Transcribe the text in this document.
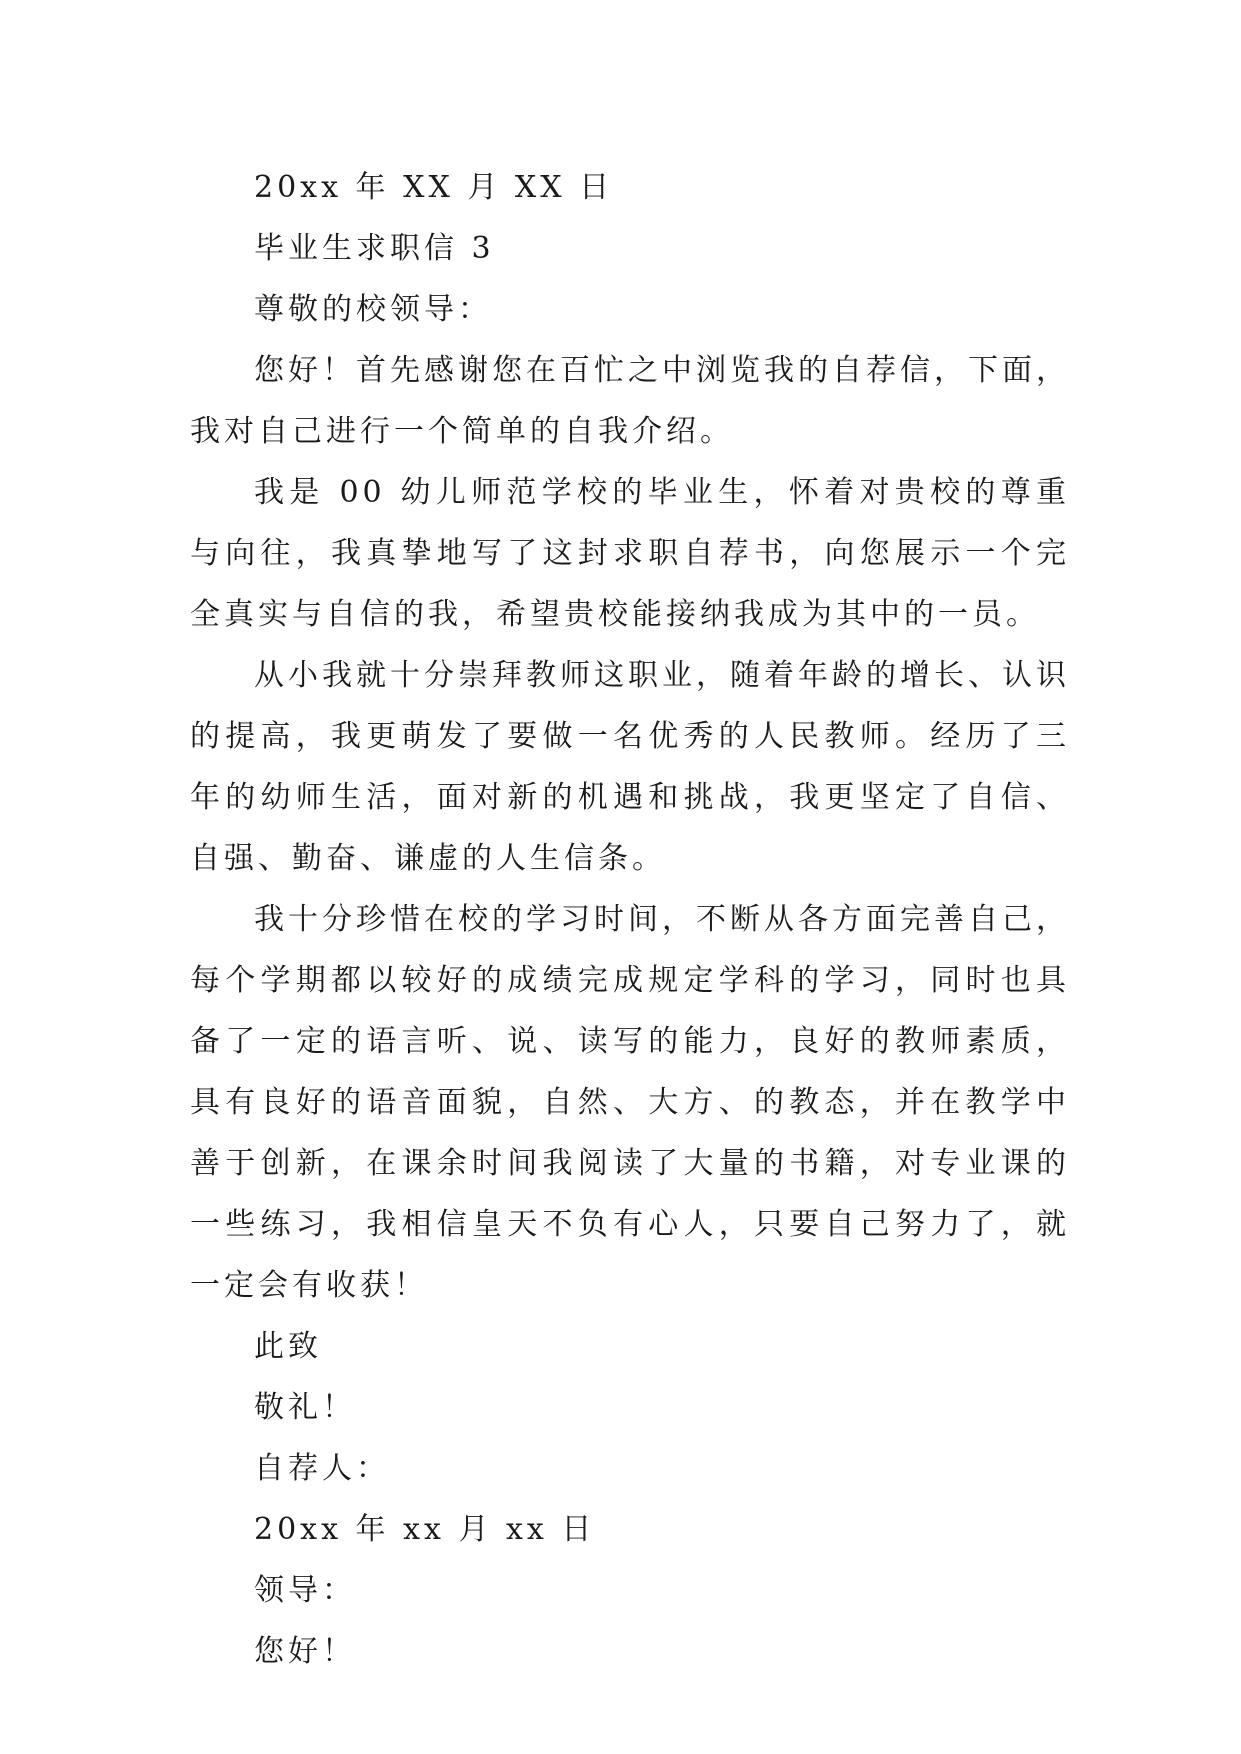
20xx 年 XX 月 XX 日
毕业生求职信 3
尊敬的校领导：
您好！首先感谢您在百忙之中浏览我的自荐信，下面，我对自己进行一个简单的自我介绍。
我是 00 幼儿师范学校的毕业生，怀着对贵校的尊重与向往，我真挚地写了这封求职自荐书，向您展示一个完全真实与自信的我，希望贵校能接纳我成为其中的一员。
从小我就十分崇拜教师这职业，随着年龄的增长、认识的提高，我更萌发了要做一名优秀的人民教师。经历了三年的幼师生活，面对新的机遇和挑战，我更坚定了自信、自强、勤奋、谦虚的人生信条。
我十分珍惜在校的学习时间，不断从各方面完善自己，每个学期都以较好的成绩完成规定学科的学习，同时也具备了一定的语言听、说、读写的能力，良好的教师素质，具有良好的语音面貌，自然、大方、的教态，并在教学中善于创新，在课余时间我阅读了大量的书籍，对专业课的一些练习，我相信皇天不负有心人，只要自己努力了，就一定会有收获！
此致
敬礼！
自荐人：
20xx 年 xx 月 xx 日
领导：
您好！
